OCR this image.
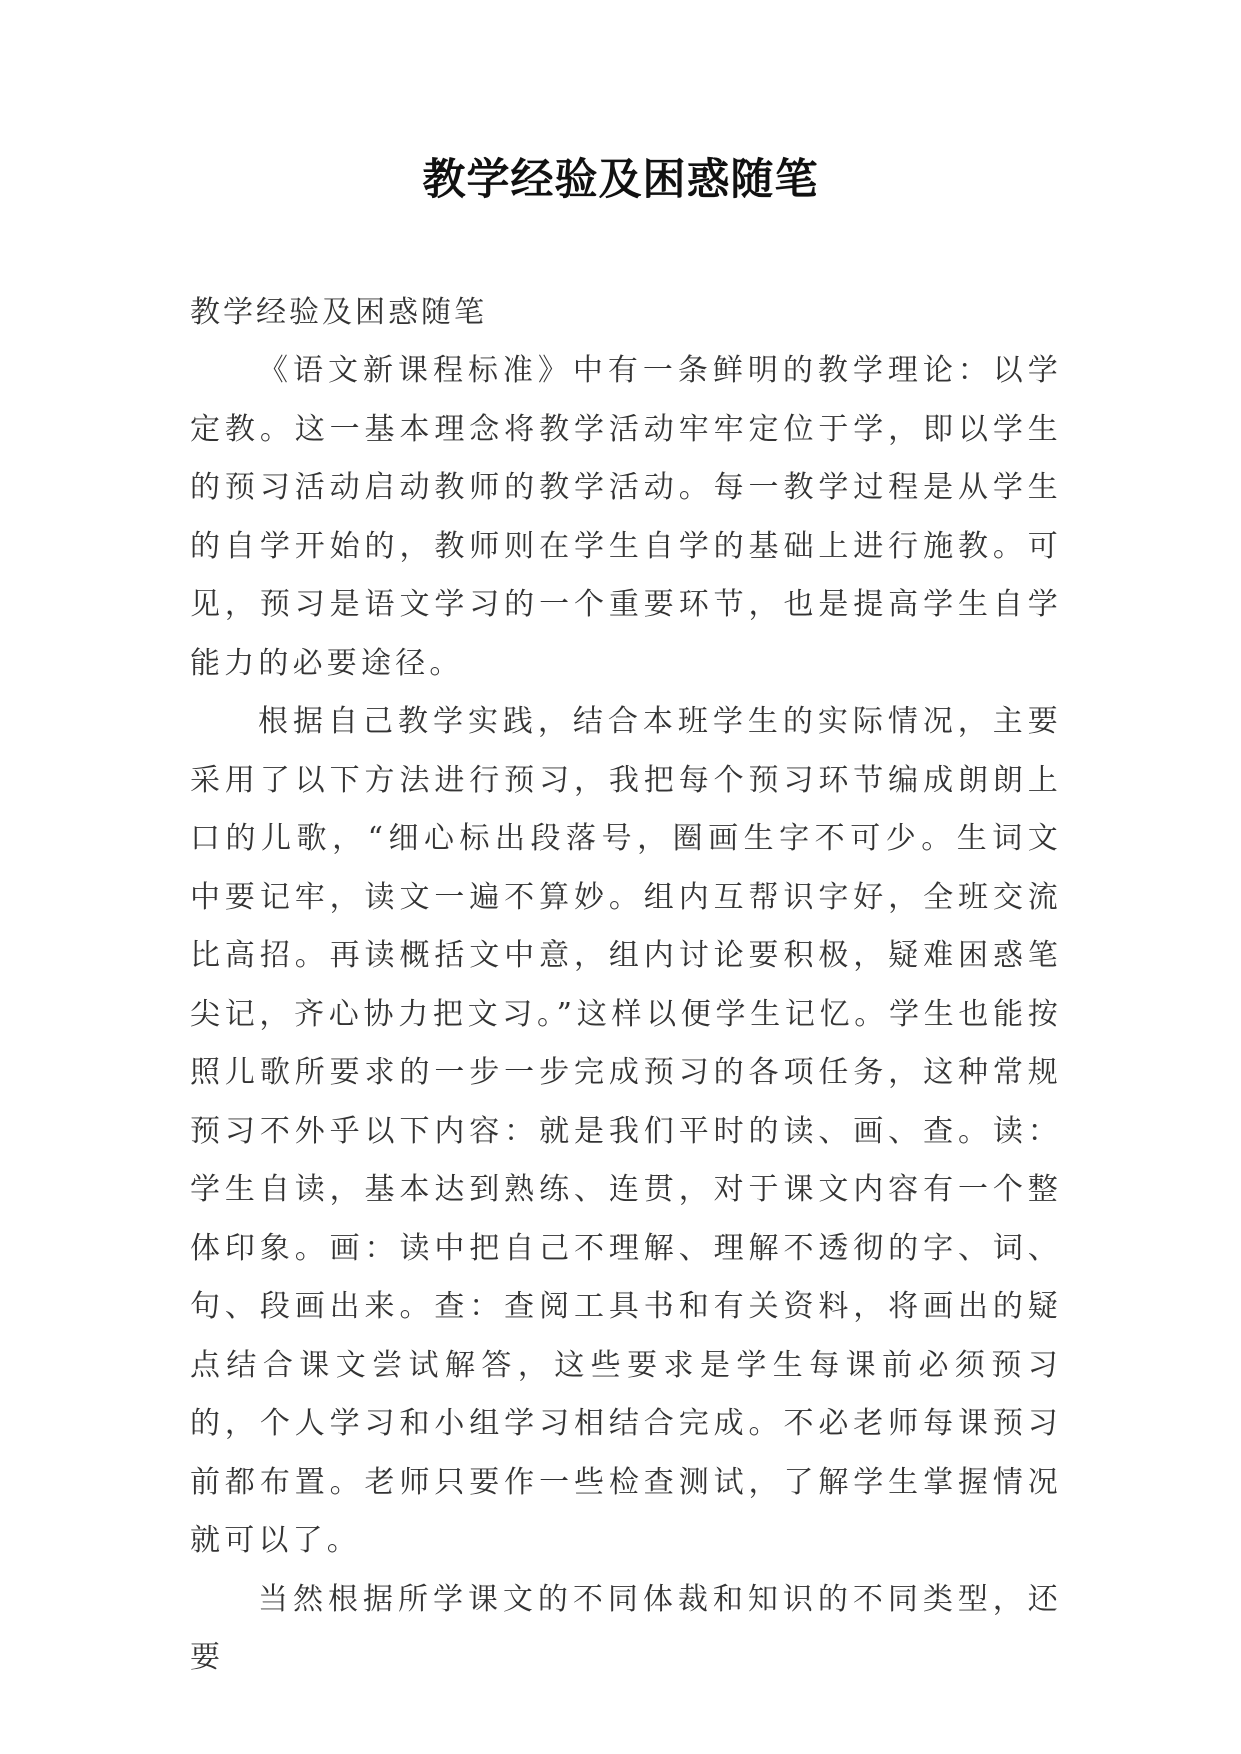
教学经验及困惑随笔

教学经验及困惑随笔

《语文新课程标准》中有一条鲜明的教学理论：以学定教。这一基本理念将教学活动牢牢定位于学，即以学生的预习活动启动教师的教学活动。每一教学过程是从学生的自学开始的，教师则在学生自学的基础上进行施教。可见，预习是语文学习的一个重要环节，也是提高学生自学能力的必要途径。

根据自己教学实践，结合本班学生的实际情况，主要采用了以下方法进行预习，我把每个预习环节编成朗朗上口的儿歌，“细心标出段落号，圈画生字不可少。生词文中要记牢，读文一遍不算妙。组内互帮识字好，全班交流比高招。再读概括文中意，组内讨论要积极，疑难困惑笔尖记，齐心协力把文习。”这样以便学生记忆。学生也能按照儿歌所要求的一步一步完成预习的各项任务，这种常规预习不外乎以下内容：就是我们平时的读、画、查。读：学生自读，基本达到熟练、连贯，对于课文内容有一个整体印象。画：读中把自己不理解、理解不透彻的字、词、句、段画出来。查：查阅工具书和有关资料，将画出的疑点结合课文尝试解答，这些要求是学生每课前必须预习的，个人学习和小组学习相结合完成。不必老师每课预习前都布置。老师只要作一些检查测试，了解学生掌握情况就可以了。

当然根据所学课文的不同体裁和知识的不同类型，还要
